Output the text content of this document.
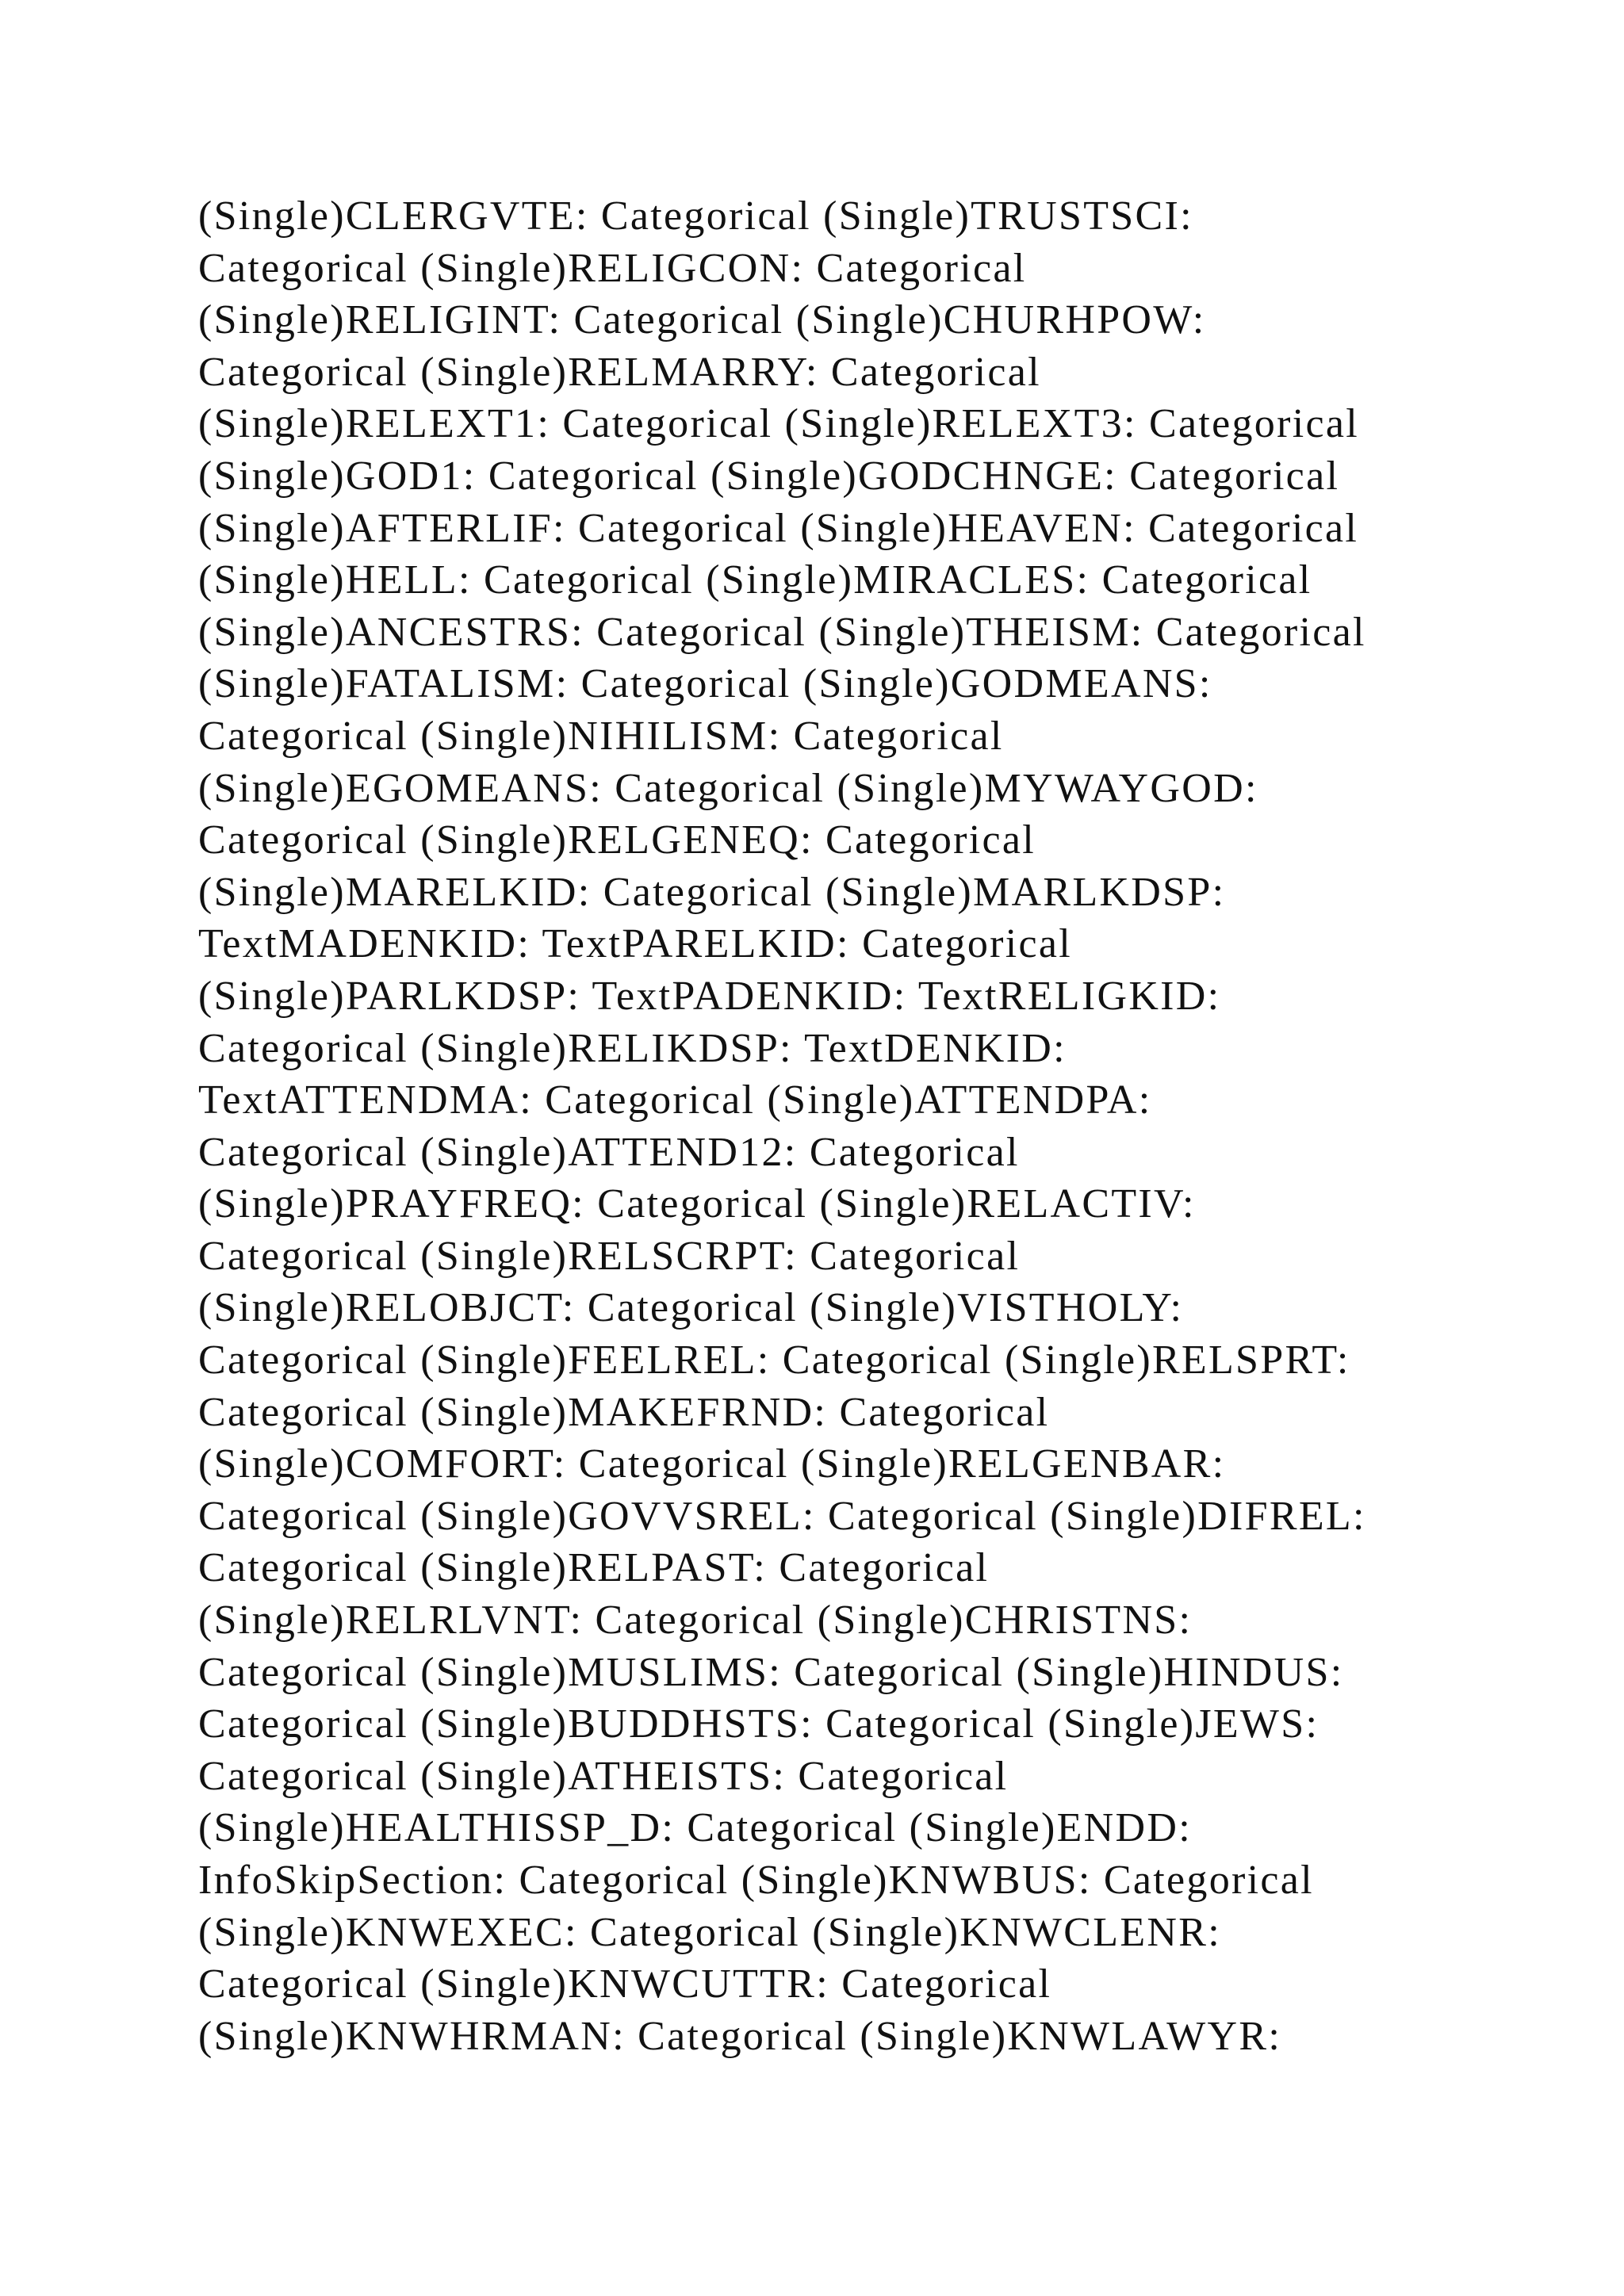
(Single)CLERGVTE: Categorical (Single)TRUSTSCI:
Categorical (Single)RELIGCON: Categorical
(Single)RELIGINT: Categorical (Single)CHURHPOW:
Categorical (Single)RELMARRY: Categorical
(Single)RELEXT1: Categorical (Single)RELEXT3: Categorical
(Single)GOD1: Categorical (Single)GODCHNGE: Categorical
(Single)AFTERLIF: Categorical (Single)HEAVEN: Categorical
(Single)HELL: Categorical (Single)MIRACLES: Categorical
(Single)ANCESTRS: Categorical (Single)THEISM: Categorical
(Single)FATALISM: Categorical (Single)GODMEANS:
Categorical (Single)NIHILISM: Categorical
(Single)EGOMEANS: Categorical (Single)MYWAYGOD:
Categorical (Single)RELGENEQ: Categorical
(Single)MARELKID: Categorical (Single)MARLKDSP:
TextMADENKID: TextPARELKID: Categorical
(Single)PARLKDSP: TextPADENKID: TextRELIGKID:
Categorical (Single)RELIKDSP: TextDENKID:
TextATTENDMA: Categorical (Single)ATTENDPA:
Categorical (Single)ATTEND12: Categorical
(Single)PRAYFREQ: Categorical (Single)RELACTIV:
Categorical (Single)RELSCRPT: Categorical
(Single)RELOBJCT: Categorical (Single)VISTHOLY:
Categorical (Single)FEELREL: Categorical (Single)RELSPRT:
Categorical (Single)MAKEFRND: Categorical
(Single)COMFORT: Categorical (Single)RELGENBAR:
Categorical (Single)GOVVSREL: Categorical (Single)DIFREL:
Categorical (Single)RELPAST: Categorical
(Single)RELRLVNT: Categorical (Single)CHRISTNS:
Categorical (Single)MUSLIMS: Categorical (Single)HINDUS:
Categorical (Single)BUDDHSTS: Categorical (Single)JEWS:
Categorical (Single)ATHEISTS: Categorical
(Single)HEALTHISSP_D: Categorical (Single)ENDD:
InfoSkipSection: Categorical (Single)KNWBUS: Categorical
(Single)KNWEXEC: Categorical (Single)KNWCLENR:
Categorical (Single)KNWCUTTR: Categorical
(Single)KNWHRMAN: Categorical (Single)KNWLAWYR:
